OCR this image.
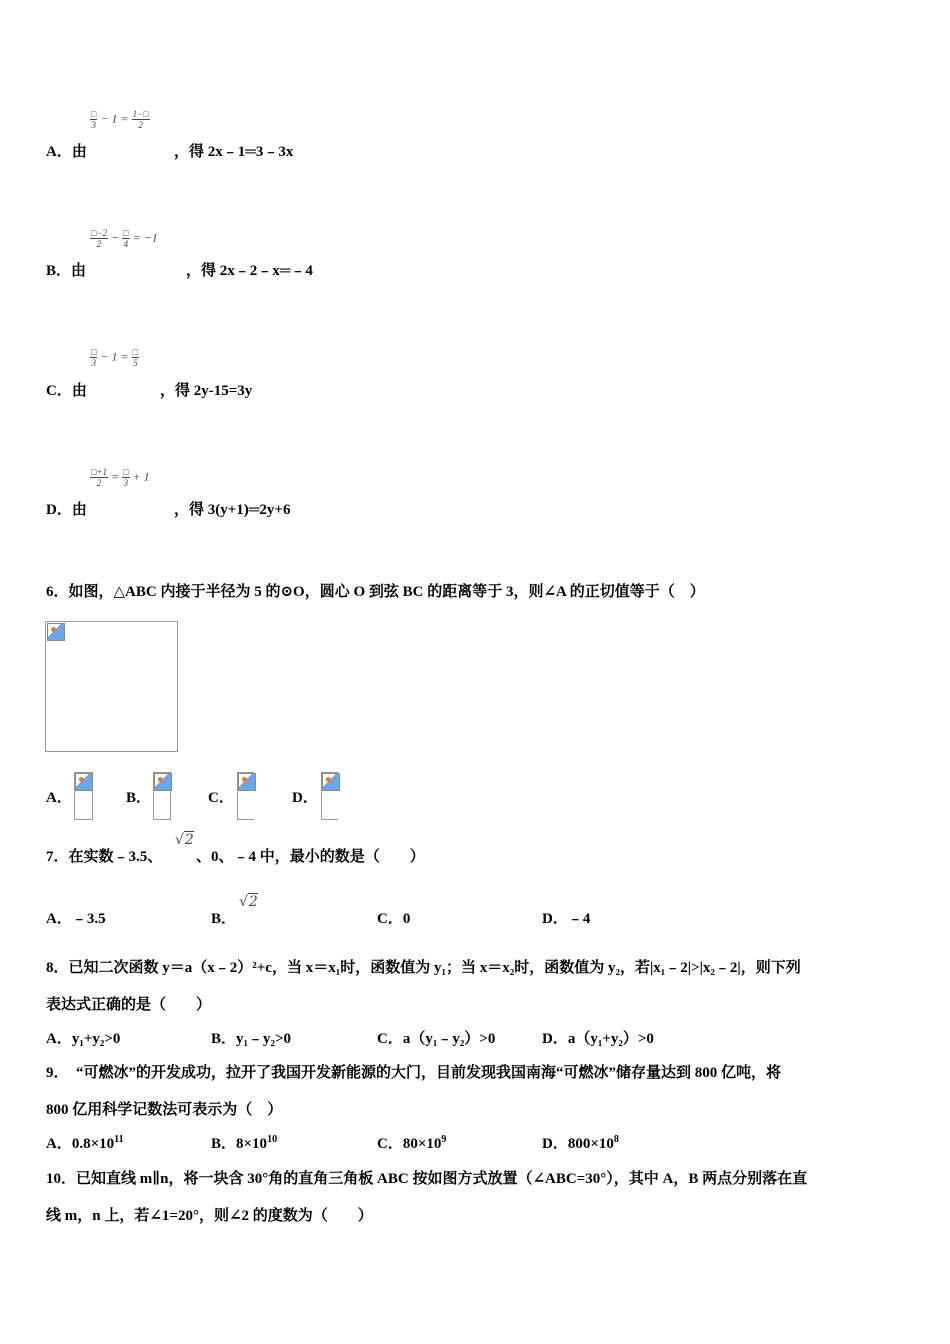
$\frac{□}{3} - 1 = \frac{1-□}{2}$
A．由	，得 2x﹣1═3﹣3x
$\frac{□-2}{2} - \frac{□}{4} = -1$
B．由	，得 2x﹣2﹣x═﹣4
$\frac{□}{3} - 1 = \frac{□}{5}$
C．由	，得 2y-15=3y
$\frac{□+1}{2} = \frac{□}{3} + 1$
D．由	，得 3(y+1)═2y+6
6．如图，△ABC 内接于半径为 5 的⊙O，圆心 O 到弦 BC 的距离等于 3，则∠A 的正切值等于（　）
A．	B．	C．	D．
7．在实数﹣3.5、
√2
、0、﹣4 中，最小的数是（　　）
A．﹣3.5	B．
√2
C．0	D．﹣4
8．已知二次函数 y＝a（x﹣2）²+c，当 x＝x₁时，函数值为 y₁；当 x＝x₂时，函数值为 y₂，若|x₁﹣2|>|x₂﹣2|，则下列
表达式正确的是（　　）
A．y₁+y₂>0	B．y₁﹣y₂>0	C．a（y₁﹣y₂）>0	D．a（y₁+y₂）>0
9．　“可燃冰”的开发成功，拉开了我国开发新能源的大门，目前发现我国南海“可燃冰”储存量达到 800 亿吨，将
800 亿用科学记数法可表示为（　）
A．$0.8\times 10^{11}$	B．$8\times 10^{10}$	C．$80\times 10^9$	D．$800\times 10^8$
10．已知直线 m∥n，将一块含 30°角的直角三角板 ABC 按如图方式放置（∠ABC=30°），其中 A，B 两点分别落在直
线 m，n 上，若∠1=20°，则∠2 的度数为（　　）
